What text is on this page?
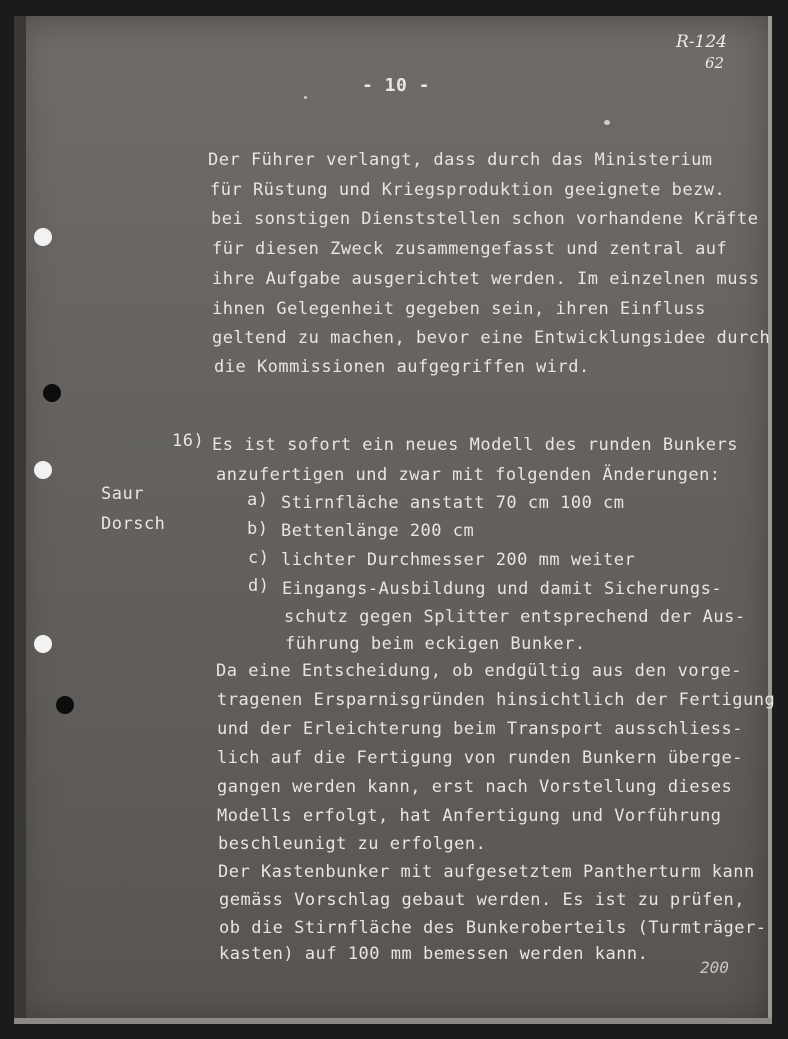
R-124
62
- 10 -
Der Führer verlangt, dass durch das Ministerium
für Rüstung und Kriegsproduktion geeignete bezw.
bei sonstigen Dienststellen schon vorhandene Kräfte
für diesen Zweck zusammengefasst und zentral auf
ihre Aufgabe ausgerichtet werden. Im einzelnen muss
ihnen Gelegenheit gegeben sein, ihren Einfluss
geltend zu machen, bevor eine Entwicklungsidee durch
die Kommissionen aufgegriffen wird.
16) Es ist sofort ein neues Modell des runden Bunkers
anzufertigen und zwar mit folgenden Änderungen:
Saur
Dorsch
a) Stirnfläche anstatt 70 cm 100 cm
b) Bettenlänge 200 cm
c) lichter Durchmesser 200 mm weiter
d) Eingangs-Ausbildung und damit Sicherungs-
schutz gegen Splitter entsprechend der Aus-
führung beim eckigen Bunker.
Da eine Entscheidung, ob endgültig aus den vorge-
tragenen Ersparnisgründen hinsichtlich der Fertigung
und der Erleichterung beim Transport ausschliess-
lich auf die Fertigung von runden Bunkern überge-
gangen werden kann, erst nach Vorstellung dieses
Modells erfolgt, hat Anfertigung und Vorführung
beschleunigt zu erfolgen.
Der Kastenbunker mit aufgesetztem Pantherturm kann
gemäss Vorschlag gebaut werden. Es ist zu prüfen,
ob die Stirnfläche des Bunkeroberteils (Turmträger-
kasten) auf 100 mm bemessen werden kann.
200
